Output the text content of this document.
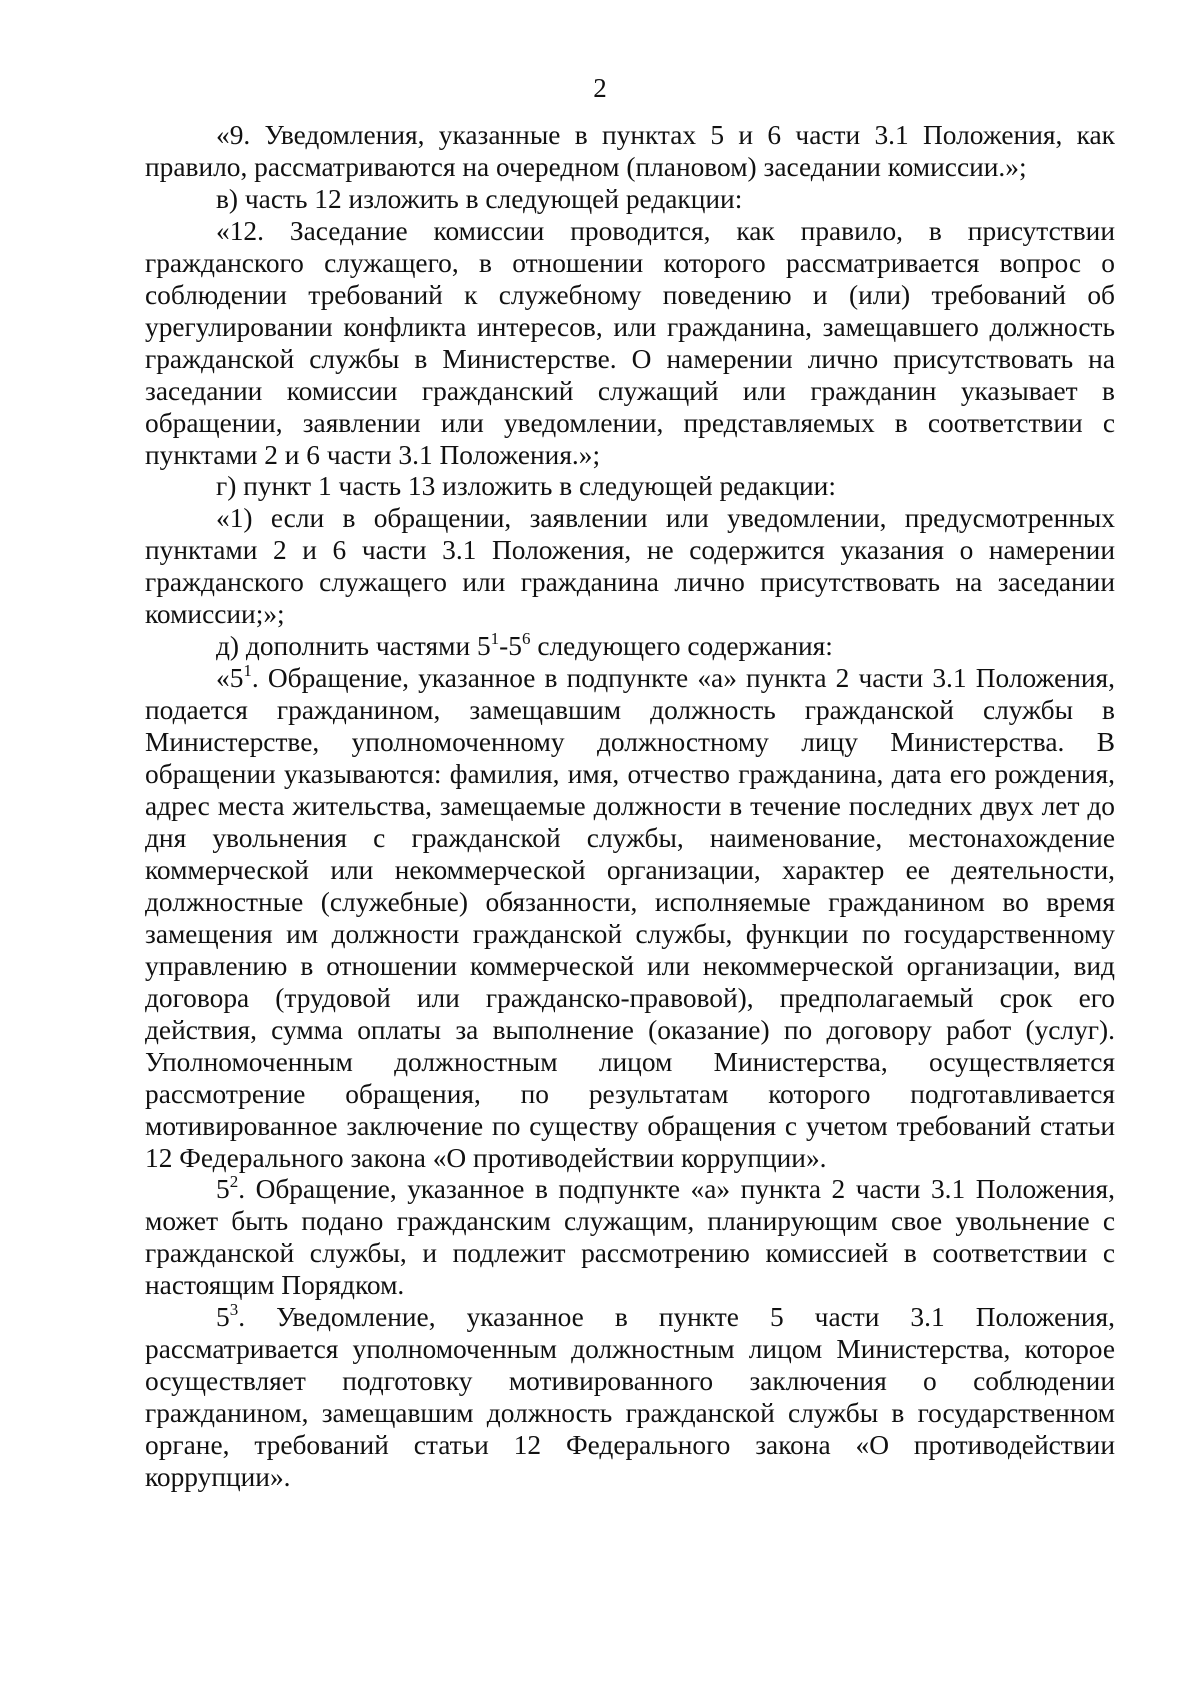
2

«9. Уведомления, указанные в пунктах 5 и 6 части 3.1 Положения, как правило, рассматриваются на очередном (плановом) заседании комиссии.»;

в) часть 12 изложить в следующей редакции:

«12. Заседание комиссии проводится, как правило, в присутствии гражданского служащего, в отношении которого рассматривается вопрос о соблюдении требований к служебному поведению и (или) требований об урегулировании конфликта интересов, или гражданина, замещавшего должность гражданской службы в Министерстве. О намерении лично присутствовать на заседании комиссии гражданский служащий или гражданин указывает в обращении, заявлении или уведомлении, представляемых в соответствии с пунктами 2 и 6 части 3.1 Положения.»;

г) пункт 1 часть 13 изложить в следующей редакции:

«1) если в обращении, заявлении или уведомлении, предусмотренных пунктами 2 и 6 части 3.1 Положения, не содержится указания о намерении гражданского служащего или гражданина лично присутствовать на заседании комиссии;»;

д) дополнить частями $5^1-5^6$ следующего содержания:

«$5^1$. Обращение, указанное в подпункте «а» пункта 2 части 3.1 Положения, подается гражданином, замещавшим должность гражданской службы в Министерстве, уполномоченному должностному лицу Министерства. В обращении указываются: фамилия, имя, отчество гражданина, дата его рождения, адрес места жительства, замещаемые должности в течение последних двух лет до дня увольнения с гражданской службы, наименование, местонахождение коммерческой или некоммерческой организации, характер ее деятельности, должностные (служебные) обязанности, исполняемые гражданином во время замещения им должности гражданской службы, функции по государственному управлению в отношении коммерческой или некоммерческой организации, вид договора (трудовой или гражданско-правовой), предполагаемый срок его действия, сумма оплаты за выполнение (оказание) по договору работ (услуг). Уполномоченным должностным лицом Министерства, осуществляется рассмотрение обращения, по результатам которого подготавливается мотивированное заключение по существу обращения с учетом требований статьи 12 Федерального закона «О противодействии коррупции».

$5^2$. Обращение, указанное в подпункте «а» пункта 2 части 3.1 Положения, может быть подано гражданским служащим, планирующим свое увольнение с гражданской службы, и подлежит рассмотрению комиссией в соответствии с настоящим Порядком.

$5^3$. Уведомление, указанное в пункте 5 части 3.1 Положения, рассматривается уполномоченным должностным лицом Министерства, которое осуществляет подготовку мотивированного заключения о соблюдении гражданином, замещавшим должность гражданской службы в государственном органе, требований статьи 12 Федерального закона «О противодействии коррупции».
